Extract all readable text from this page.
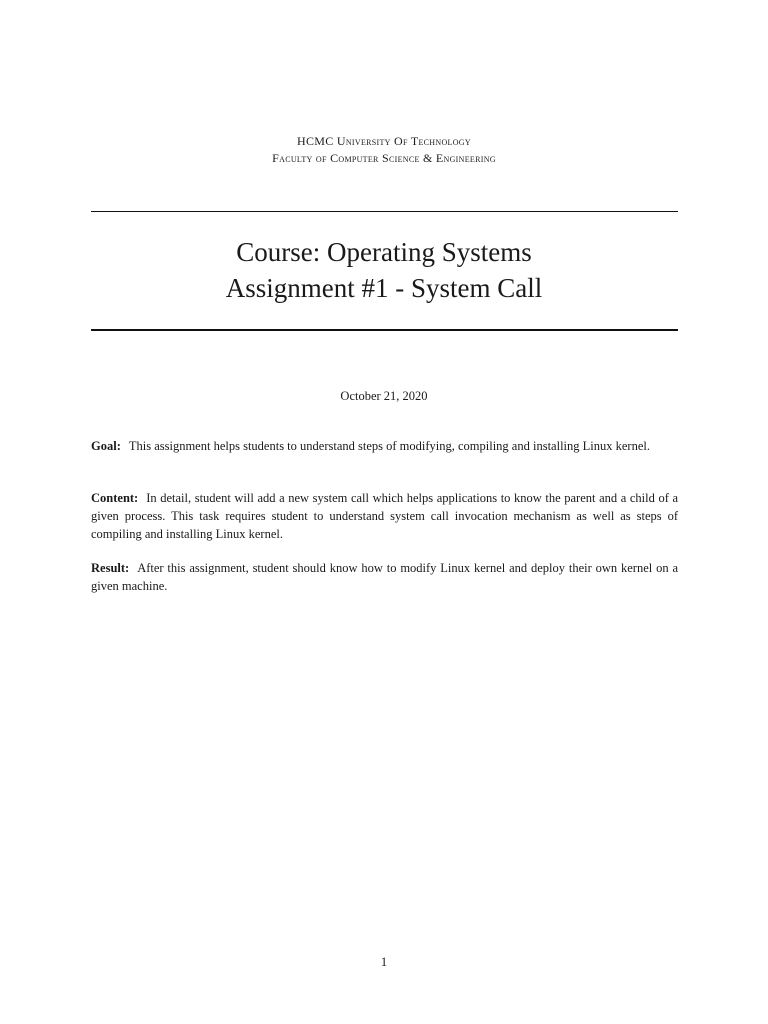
HCMC University Of Technology
Faculty of Computer Science & Engineering
Course: Operating Systems
Assignment #1 - System Call
October 21, 2020
Goal: This assignment helps students to understand steps of modifying, compiling and installing Linux kernel.
Content: In detail, student will add a new system call which helps applications to know the parent and a child of a given process. This task requires student to understand system call invocation mechanism as well as steps of compiling and installing Linux kernel.
Result: After this assignment, student should know how to modify Linux kernel and deploy their own kernel on a given machine.
1
